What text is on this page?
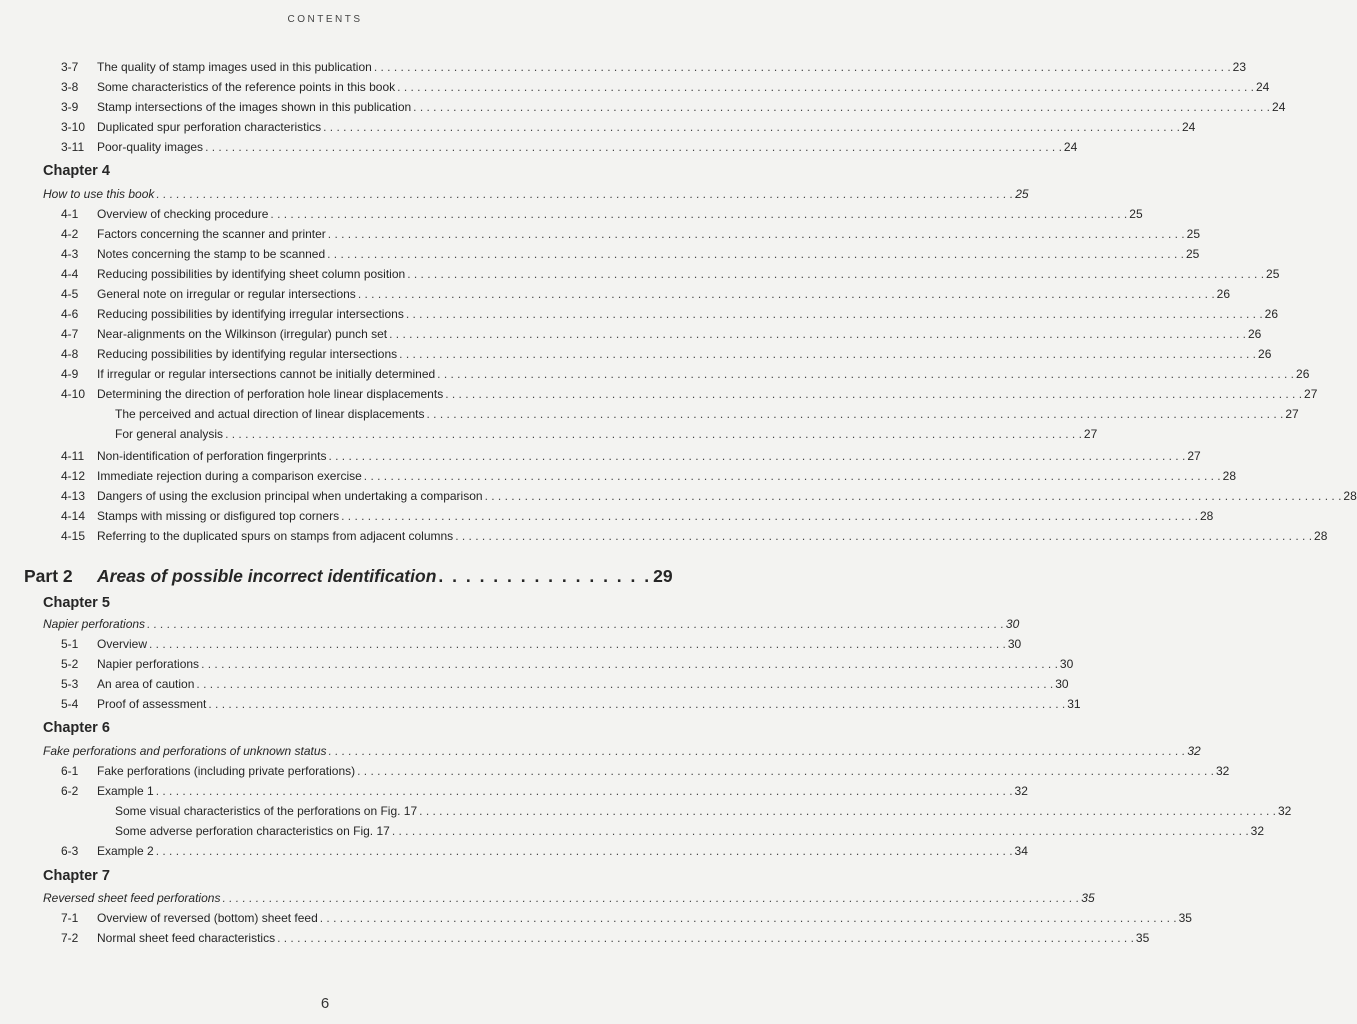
CONTENTS
3-7 The quality of stamp images used in this publication . . .	23
3-8 Some characteristics of the reference points in this book . . .	24
3-9 Stamp intersections of the images shown in this publication . . .	24
3-10 Duplicated spur perforation characteristics . . .	24
3-11 Poor-quality images . . .	24
Chapter 4
How to use this book . . .	25
4-1 Overview of checking procedure . . .	25
4-2 Factors concerning the scanner and printer . . .	25
4-3 Notes concerning the stamp to be scanned . . .	25
4-4 Reducing possibilities by identifying sheet column position . . .	25
4-5 General note on irregular or regular intersections . . .	26
4-6 Reducing possibilities by identifying irregular intersections . . .	26
4-7 Near-alignments on the Wilkinson (irregular) punch set . . .	26
4-8 Reducing possibilities by identifying regular intersections . . .	26
4-9 If irregular or regular intersections cannot be initially determined . . .	26
4-10 Determining the direction of perforation hole linear displacements . . .	27
The perceived and actual direction of linear displacements . . .	27
For general analysis . . .	27
4-11 Non-identification of perforation fingerprints . . .	27
4-12 Immediate rejection during a comparison exercise . . .	28
4-13 Dangers of using the exclusion principal when undertaking a comparison . . .	28
4-14 Stamps with missing or disfigured top corners . . .	28
4-15 Referring to the duplicated spurs on stamps from adjacent columns . . .	28
Part 2	Areas of possible incorrect identification . . . . . . . . . . . . . . . . 29
Chapter 5
Napier perforations . . .	30
5-1 Overview . . .	30
5-2 Napier perforations . . .	30
5-3 An area of caution . . .	30
5-4 Proof of assessment . . .	31
Chapter 6
Fake perforations and perforations of unknown status . . .	32
6-1 Fake perforations (including private perforations) . . .	32
6-2 Example 1 . . .	32
Some visual characteristics of the perforations on Fig. 17 . . .	32
Some adverse perforation characteristics on Fig. 17 . . .	32
6-3 Example 2 . . .	34
Chapter 7
Reversed sheet feed perforations . . .	35
7-1 Overview of reversed (bottom) sheet feed . . .	35
7-2 Normal sheet feed characteristics . . .	35
6
